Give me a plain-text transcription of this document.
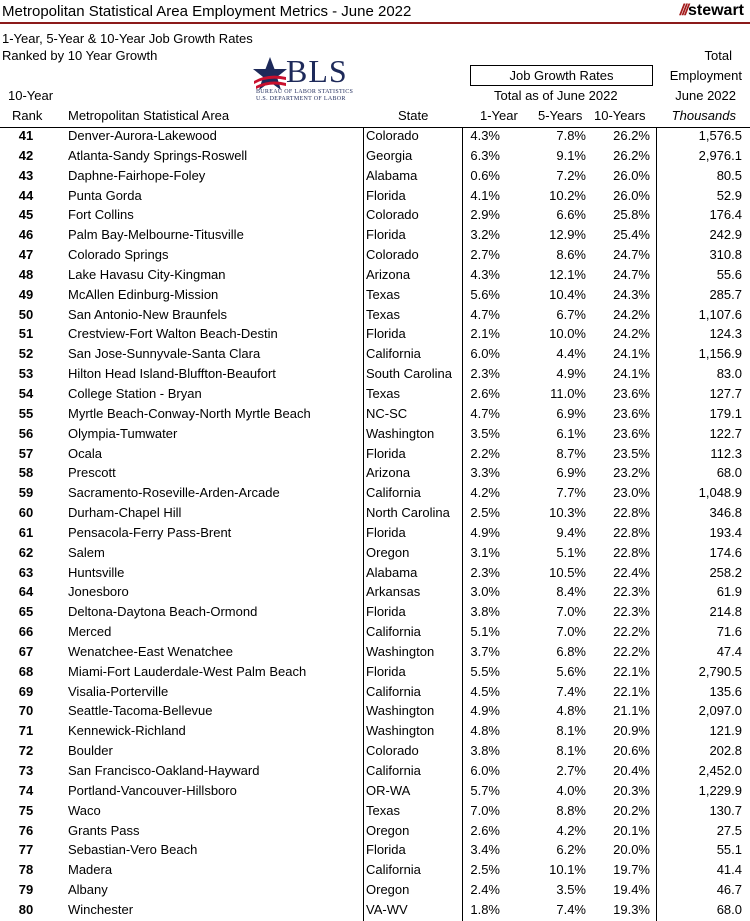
Metropolitan Statistical Area Employment Metrics - June 2022	/// stewart
1-Year, 5-Year & 10-Year Job Growth Rates
Ranked by 10 Year Growth	BLS
BUREAU OF LABOR STATISTICS
U.S. DEPARTMENT OF LABOR
10-Year
Rank Metropolitan Statistical Area	State
Job Growth Rates
Total as of June 2022
1-Year 5-Years 10-Years
Total
Employment
June 2022
Thousands
41	Denver-Aurora-Lakewood	Colorado	4.3%	7.8% 26.2%	1,576.5
42	Atlanta-Sandy Springs-Roswell	Georgia	6.3%	9.1% 26.2%	2,976.1
43	Daphne-Fairhope-Foley	Alabama	0.6%	7.2% 26.0%	80.5
44	Punta Gorda	Florida	4.1%	10.2% 26.0%	52.9
45	Fort Collins	Colorado	2.9%	6.6% 25.8%	176.4
46	Palm Bay-Melbourne-Titusville	Florida	3.2%	12.9% 25.4%	242.9
47	Colorado Springs	Colorado	2.7%	8.6% 24.7%	310.8
48	Lake Havasu City-Kingman	Arizona	4.3%	12.1% 24.7%	55.6
49	McAllen Edinburg-Mission	Texas	5.6%	10.4% 24.3%	285.7
50	San Antonio-New Braunfels	Texas	4.7%	6.7% 24.2%	1,107.6
51	Crestview-Fort Walton Beach-Destin	Florida	2.1%	10.0% 24.2%	124.3
52	San Jose-Sunnyvale-Santa Clara	California	6.0%	4.4% 24.1%	1,156.9
53	Hilton Head Island-Bluffton-Beaufort	South Carolina 2.3%	4.9% 24.1%	83.0
54	College Station - Bryan	Texas	2.6%	11.0% 23.6%	127.7
55	Myrtle Beach-Conway-North Myrtle Beach	NC-SC	4.7%	6.9% 23.6%	179.1
56	Olympia-Tumwater	Washington	3.5%	6.1% 23.6%	122.7
57	Ocala	Florida	2.2%	8.7% 23.5%	112.3
58	Prescott	Arizona	3.3%	6.9% 23.2%	68.0
59	Sacramento-Roseville-Arden-Arcade	California	4.2%	7.7% 23.0%	1,048.9
60	Durham-Chapel Hill	North Carolina 2.5%	10.3% 22.8%	346.8
61	Pensacola-Ferry Pass-Brent	Florida	4.9%	9.4% 22.8%	193.4
62	Salem	Oregon	3.1%	5.1% 22.8%	174.6
63	Huntsville	Alabama	2.3%	10.5% 22.4%	258.2
64	Jonesboro	Arkansas	3.0%	8.4% 22.3%	61.9
65	Deltona-Daytona Beach-Ormond	Florida	3.8%	7.0% 22.3%	214.8
66	Merced	California	5.1%	7.0% 22.2%	71.6
67	Wenatchee-East Wenatchee	Washington	3.7%	6.8% 22.2%	47.4
68	Miami-Fort Lauderdale-West Palm Beach	Florida	5.5%	5.6% 22.1%	2,790.5
69	Visalia-Porterville	California	4.5%	7.4% 22.1%	135.6
70	Seattle-Tacoma-Bellevue	Washington	4.9%	4.8% 21.1%	2,097.0
71	Kennewick-Richland	Washington	4.8%	8.1% 20.9%	121.9
72	Boulder	Colorado	3.8%	8.1% 20.6%	202.8
73	San Francisco-Oakland-Hayward	California	6.0%	2.7% 20.4%	2,452.0
74	Portland-Vancouver-Hillsboro	OR-WA	5.7%	4.0% 20.3%	1,229.9
75	Waco	Texas	7.0%	8.8% 20.2%	130.7
76	Grants Pass	Oregon	2.6%	4.2% 20.1%	27.5
77	Sebastian-Vero Beach	Florida	3.4%	6.2% 20.0%	55.1
78	Madera	California	2.5%	10.1% 19.7%	41.4
79	Albany	Oregon	2.4%	3.5% 19.4%	46.7
80	Winchester	VA-WV	1.8%	7.4% 19.3%	68.0
